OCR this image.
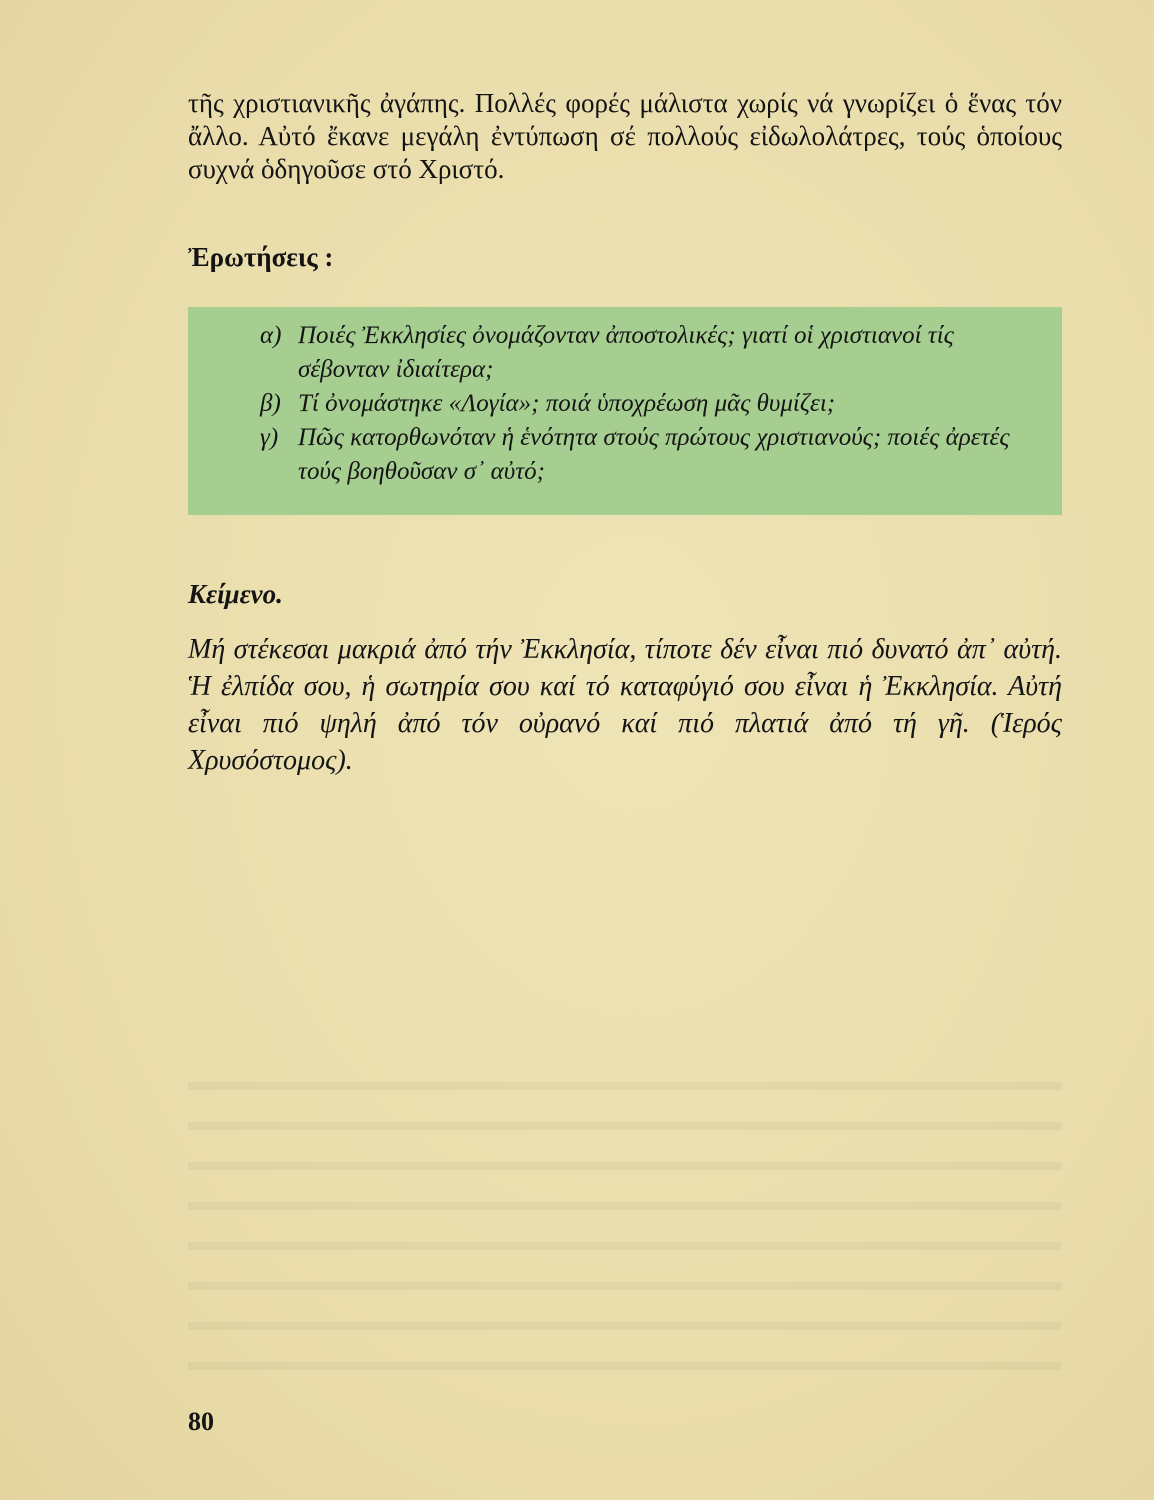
τῆς χριστιανικῆς ἀγάπης. Πολλές φορές μάλιστα χωρίς νά γνωρίζει ὁ ἕνας τόν ἄλλο. Αὐτό ἔκανε μεγάλη ἐντύπωση σέ πολλούς εἰδωλολάτρες, τούς ὁποίους συχνά ὁδηγοῦσε στό Χριστό.

Ἐρωτήσεις :

α) Ποιές Ἐκκλησίες ὀνομάζονταν ἀποστολικές; γιατί οἱ χριστιανοί τίς σέβονταν ἰδιαίτερα;

β) Τί ὀνομάστηκε «Λογία»; ποιά ὑποχρέωση μᾶς θυμίζει;

γ) Πῶς κατορθωνόταν ἡ ἑνότητα στούς πρώτους χριστιανούς; ποιές ἀρετές τούς βοηθοῦσαν σ᾽ αὐτό;

Κείμενο.

Μή στέκεσαι μακριά ἀπό τήν Ἐκκλησία, τίποτε δέν εἶναι πιό δυνατό ἀπ᾽ αὐτή. Ἡ ἐλπίδα σου, ἡ σωτηρία σου καί τό καταφύγιό σου εἶναι ἡ Ἐκκλησία. Αὐτή εἶναι πιό ψηλή ἀπό τόν οὐρανό καί πιό πλατιά ἀπό τή γῆ. (Ἱερός Χρυσόστομος).

80
